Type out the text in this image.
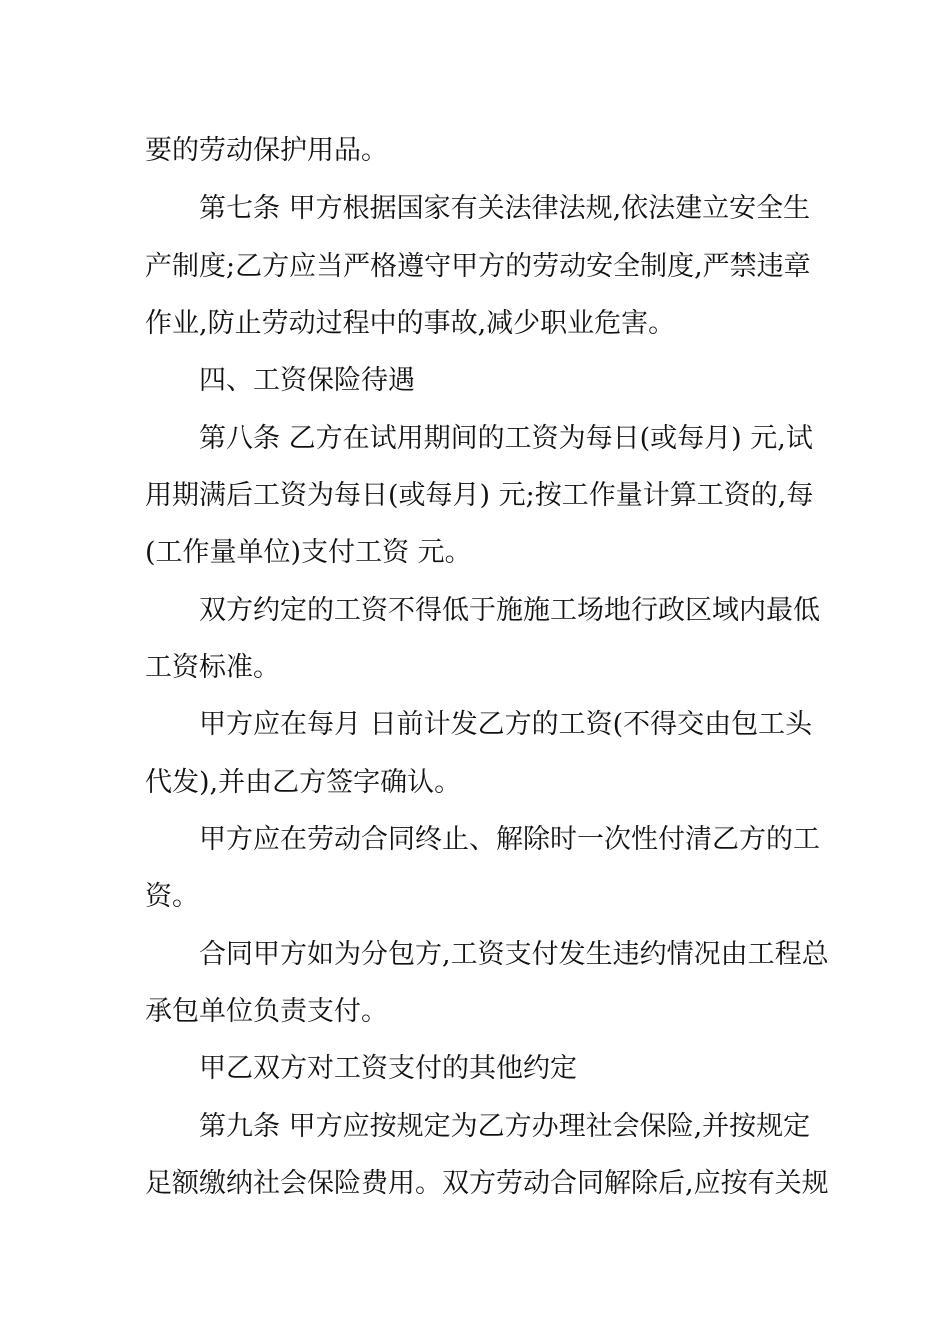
要的劳动保护用品。
第七条 甲方根据国家有关法律法规,依法建立安全生
产制度;乙方应当严格遵守甲方的劳动安全制度,严禁违章
作业,防止劳动过程中的事故,减少职业危害。
四、工资保险待遇
第八条 乙方在试用期间的工资为每日(或每月) 元,试
用期满后工资为每日(或每月) 元;按工作量计算工资的,每
(工作量单位)支付工资 元。
双方约定的工资不得低于施施工场地行政区域内最低
工资标准。
甲方应在每月 日前计发乙方的工资(不得交由包工头
代发),并由乙方签字确认。
甲方应在劳动合同终止、解除时一次性付清乙方的工
资。
合同甲方如为分包方,工资支付发生违约情况由工程总
承包单位负责支付。
甲乙双方对工资支付的其他约定
第九条 甲方应按规定为乙方办理社会保险,并按规定
足额缴纳社会保险费用。双方劳动合同解除后,应按有关规
